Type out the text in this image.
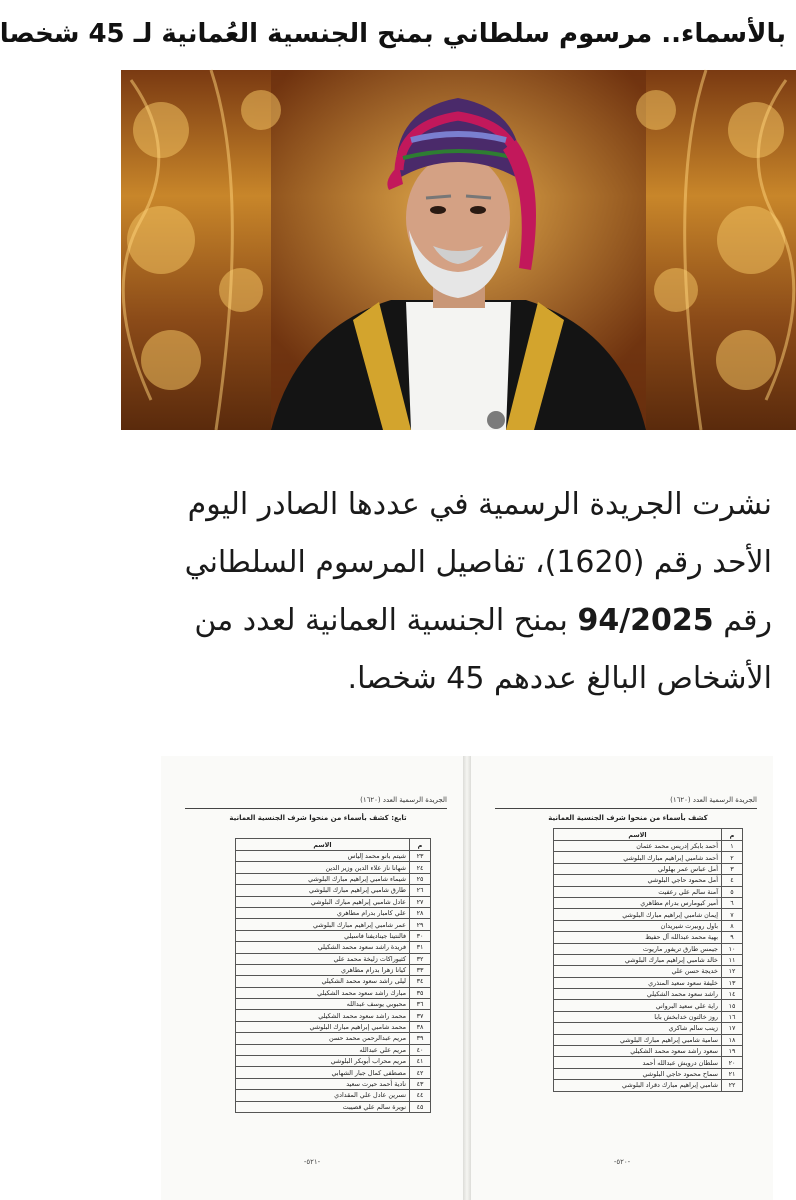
بالأسماء.. مرسوم سلطاني بمنح الجنسية العُمانية لـ 45 شخصا
نشرت الجريدة الرسمية في عددها الصادر اليوم الأحد رقم (1620)، تفاصيل المرسوم السلطاني رقم 94/2025 بمنح الجنسية العمانية لعدد من الأشخاص البالغ عددهم 45 شخصا.
الجريدة الرسمية العدد (١٦٢٠)
تابع: كشف بأسماء من منحوا شرف الجنسية العمانية
م	الاسم
٢٣	شيتم بانو محمد إلياس
٢٤	شهانا ناز علاء الدين وزير الدين
٢٥	شيماء شامبي إبراهيم مبارك البلوشي
٢٦	طارق شامبي إبراهيم مبارك البلوشي
٢٧	عادل شامبي إبراهيم مبارك البلوشي
٢٨	علي كامبار بدرام مطاهري
٢٩	عمر شامبي إبراهيم مبارك البلوشي
٣٠	فالنتينا جيناديفنا فاسيلي
٣١	فريدة راشد سعود محمد الشكيلي
٣٢	كثيوراكات زليخة محمد علي
٣٣	كيانا زهرا بدرام مطاهري
٣٤	ليلى راشد سعود محمد الشكيلي
٣٥	مبارك راشد سعود محمد الشكيلي
٣٦	محبوبي يوسف عبدالله
٣٧	محمد راشد سعود محمد الشكيلي
٣٨	محمد شامبي إبراهيم مبارك البلوشي
٣٩	مريم عبدالرحمن محمد حسن
٤٠	مريم علي عبدالله
٤١	مريم محراب أبوبكر البلوشي
٤٢	مصطفى كمال جبار الشهابي
٤٣	نادية أحمد حيرت سعيد
٤٤	نسرين عادل علي المقدادي
٤٥	نويرة سالم علي قصيبت
-٥٢١-
الجريدة الرسمية العدد (١٦٢٠)
كشف بأسماء من منحوا شرف الجنسية العمانية
م	الاسم
١	أحمد بابكر إدريس محمد عثمان
٢	أحمد شامبي إبراهيم مبارك البلوشي
٣	أمل عباس عمر بهلولي
٤	أمل محمود حاجي البلوشي
٥	آمنة سالم علي رعفيت
٦	أمير كيومارس بدرام مطاهري
٧	إيمان شامبي إبراهيم مبارك البلوشي
٨	باول روبيرت شيريدان
٩	بهية محمد عبدالله آل حفيظ
١٠	جيمس طارق تريفور ماريوت
١١	خالد شامبي إبراهيم مبارك البلوشي
١٢	خديجة حسن علي
١٣	خليفة سعود سعيد المنذري
١٤	راشد سعود محمد الشكيلي
١٥	راية علي سعيد البرواني
١٦	روز خالتون خدابخش بابا
١٧	زينب سالم شاكري
١٨	سامية شامبي إبراهيم مبارك البلوشي
١٩	سعود راشد سعود محمد الشكيلي
٢٠	سلطان درويش عبدالله أحمد
٢١	سماح محمود حاجي البلوشي
٢٢	شامبي إبراهيم مبارك دقراد البلوشي
-٥٢٠-
